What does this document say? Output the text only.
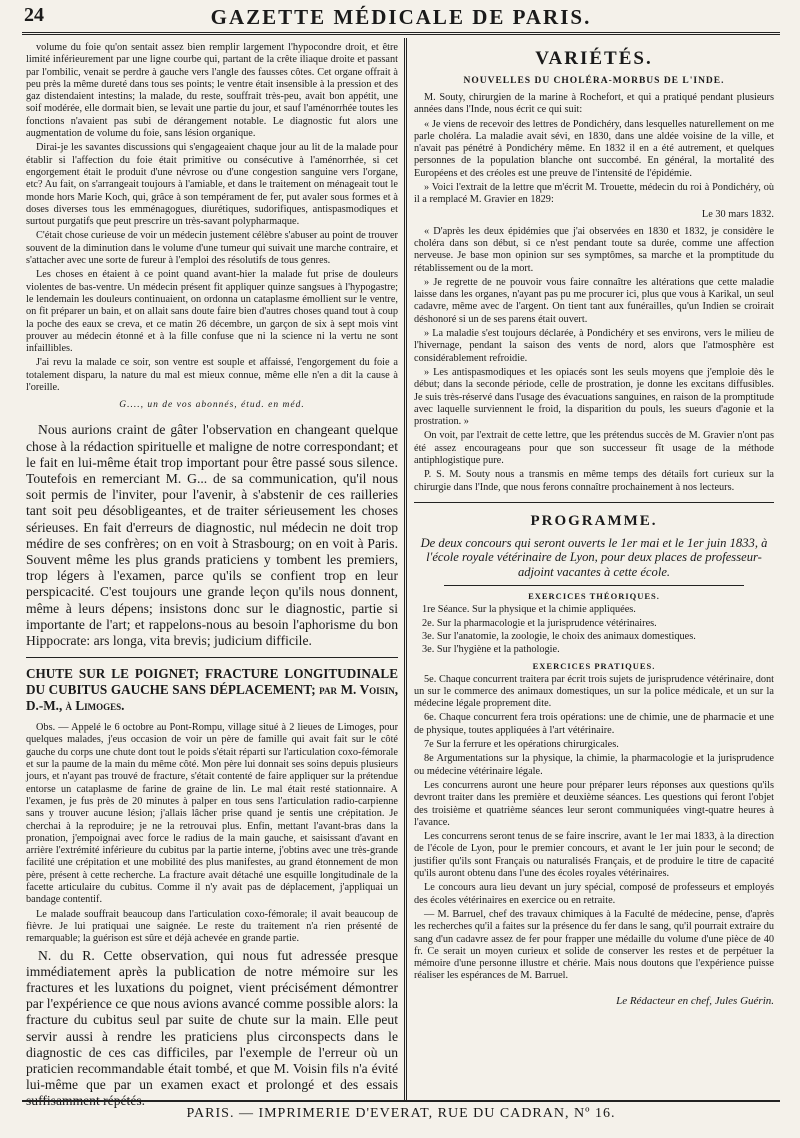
24	GAZETTE MÉDICALE DE PARIS.

volume du foie qu'on sentait assez bien remplir largement l'hypocondre droit, et être limité inférieurement par une ligne courbe qui, partant de la crête iliaque droite et passant par l'ombilic, venait se perdre à gauche vers l'angle des fausses côtes. Cet organe offrait à peu près la même dureté dans tous ses points; le ventre était insensible à la pression et des gaz distendaient intestins; la malade, du reste, souffrait très-peu, avait bon appétit, une soif modérée, elle dormait bien, se levait une partie du jour, et sauf l'aménorrhée toutes les fonctions n'avaient pas subi de dérangement notable. Le diagnostic fut alors une augmentation de volume du foie, sans lésion organique.

Dirai-je les savantes discussions qui s'engageaient chaque jour au lit de la malade pour établir si l'affection du foie était primitive ou consécutive à l'aménorrhée, si cet engorgement était le produit d'une névrose ou d'une congestion sanguine vers l'organe, etc? Au fait, on s'arrangeait toujours à l'amiable, et dans le traitement on ménageait tout le monde hors Marie Koch, qui, grâce à son tempérament de fer, put avaler sous formes et à doses diverses tous les emménagogues, diurétiques, sudorifiques, antispasmodiques et surtout purgatifs que peut prescrire un très-savant polypharmaque.

C'était chose curieuse de voir un médecin justement célèbre s'abuser au point de trouver souvent de la diminution dans le volume d'une tumeur qui suivait une marche contraire, et s'attacher avec une sorte de fureur à l'emploi des résolutifs de tous genres.

Les choses en étaient à ce point quand avant-hier la malade fut prise de douleurs violentes de bas-ventre. Un médecin présent fit appliquer quinze sangsues à l'hypogastre; le lendemain les douleurs continuaient, on ordonna un cataplasme émollient sur le ventre, on fit préparer un bain, et on allait sans doute faire bien d'autres choses quand tout à coup la poche des eaux se creva, et ce matin 26 décembre, un garçon de six à sept mois vint prouver au médecin étonné et à la fille confuse que ni la science ni la vertu ne sont infaillibles.

J'ai revu la malade ce soir, son ventre est souple et affaissé, l'engorgement du foie a totalement disparu, la nature du mal est mieux connue, même elle n'en a dit la cause à l'oreille.

G...., un de vos abonnés, étud. en méd.

Nous aurions craint de gâter l'observation en changeant quelque chose à la rédaction spirituelle et maligne de notre correspondant; et le fait en lui-même était trop important pour être passé sous silence. Toutefois en remerciant M. G... de sa communication, qu'il nous soit permis de l'inviter, pour l'avenir, à s'abstenir de ces railleries tant soit peu désobligeantes, et de traiter sérieusement les choses sérieuses. En fait d'erreurs de diagnostic, nul médecin ne doit trop médire de ses confrères; on en voit à Strasbourg; on en voit à Paris. Souvent même les plus grands praticiens y tombent les premiers, trop légers à l'examen, parce qu'ils se confient trop en leur perspicacité. C'est toujours une grande leçon qu'ils nous donnent, même à leurs dépens; insistons donc sur le diagnostic, partie si importante de l'art; et rappelons-nous au besoin l'aphorisme du bon Hippocrate: ars longa, vita brevis; judicium difficile.

CHUTE SUR LE POIGNET; FRACTURE LONGITUDINALE DU CUBITUS GAUCHE SANS DÉPLACEMENT; par M. Voisin, D.-M., à Limoges.

Obs. — Appelé le 6 octobre au Pont-Rompu, village situé à 2 lieues de Limoges, pour quelques malades, j'eus occasion de voir un père de famille qui avait fait sur le côté gauche du corps une chute dont tout le poids s'était réparti sur l'articulation coxo-fémorale et sur la paume de la main du même côté. Mon père lui donnait ses soins depuis plusieurs jours, et n'ayant pas trouvé de fracture, s'était contenté de faire appliquer sur la prétendue entorse un cataplasme de farine de graine de lin. Le mal était resté stationnaire. A l'examen, je fus près de 20 minutes à palper en tous sens l'articulation radio-carpienne sans y trouver aucune lésion; j'allais lâcher prise quand je sentis une crépitation. Je cherchai à la reproduire; je ne la retrouvai plus. Enfin, mettant l'avant-bras dans la pronation, j'empoignai avec force le radius de la main gauche, et saisissant d'avant en arrière l'extrémité inférieure du cubitus par la partie interne, j'obtins avec une très-grande facilité une crépitation et une mobilité des plus manifestes, au grand étonnement de mon père, présent à cette recherche. La fracture avait détaché une esquille longitudinale de la facette articulaire du cubitus. Comme il n'y avait pas de déplacement, j'appliquai un bandage contentif.

Le malade souffrait beaucoup dans l'articulation coxo-fémorale; il avait beaucoup de fièvre. Je lui pratiquai une saignée. Le reste du traitement n'a rien présenté de remarquable; la guérison est sûre et déjà achevée en grande partie.

N. du R. Cette observation, qui nous fut adressée presque immédiatement après la publication de notre mémoire sur les fractures et les luxations du poignet, vient précisément démontrer par l'expérience ce que nous avions avancé comme possible alors: la fracture du cubitus seul par suite de chute sur la main. Elle peut servir aussi à rendre les praticiens plus circonspects dans le diagnostic de ces cas difficiles, par l'exemple de l'erreur où un praticien recommandable était tombé, et que M. Voisin fils n'a évité lui-même que par un examen exact et prolongé et des essais suffisamment répétés.

VARIÉTÉS.
NOUVELLES DU CHOLÉRA-MORBUS DE L'INDE.

M. Souty, chirurgien de la marine à Rochefort, et qui a pratiqué pendant plusieurs années dans l'Inde, nous écrit ce qui suit:

« Je viens de recevoir des lettres de Pondichéry, dans lesquelles naturellement on me parle choléra. La maladie avait sévi, en 1830, dans une aldée voisine de la ville, et n'avait pas pénétré à Pondichéry même. En 1832 il en a été autrement, et quelques personnes de la population blanche ont succombé. En général, la mortalité des Européens et des créoles est une preuve de l'intensité de l'épidémie.

» Voici l'extrait de la lettre que m'écrit M. Trouette, médecin du roi à Pondichéry, où il a remplacé M. Gravier en 1829:

Le 30 mars 1832.

« D'après les deux épidémies que j'ai observées en 1830 et 1832, je considère le choléra dans son début, si ce n'est pendant toute sa durée, comme une affection nerveuse. Je base mon opinion sur ses symptômes, sa marche et la promptitude du rétablissement ou de la mort.

» Je regrette de ne pouvoir vous faire connaître les altérations que cette maladie laisse dans les organes, n'ayant pas pu me procurer ici, plus que vous à Karikal, un seul cadavre, même avec de l'argent. On tient tant aux funérailles, qu'un Indien se croirait déshonoré si un de ses parens était ouvert.

» La maladie s'est toujours déclarée, à Pondichéry et ses environs, vers le milieu de l'hivernage, pendant la saison des vents de nord, alors que l'atmosphère est considérablement refroidie.

» Les antispasmodiques et les opiacés sont les seuls moyens que j'emploie dès le début; dans la seconde période, celle de prostration, je donne les excitans diffusibles. Je suis très-réservé dans l'usage des évacuations sanguines, en raison de la promptitude avec laquelle surviennent le froid, la disparition du pouls, les sueurs d'agonie et la prostration. »

On voit, par l'extrait de cette lettre, que les prétendus succès de M. Gravier n'ont pas été assez encourageans pour que son successeur fît usage de la méthode antiphlogistique pure.

P. S. M. Souty nous a transmis en même temps des détails fort curieux sur la chirurgie dans l'Inde, que nous ferons connaître prochainement à nos lecteurs.

PROGRAMME.

De deux concours qui seront ouverts le 1er mai et le 1er juin 1833, à l'école royale vétérinaire de Lyon, pour deux places de professeur-adjoint vacantes à cette école.

EXERCICES THÉORIQUES.
1re Séance. Sur la physique et la chimie appliquées.
2e. Sur la pharmacologie et la jurisprudence vétérinaires.
3e. Sur l'anatomie, la zoologie, le choix des animaux domestiques.
3e. Sur l'hygiène et la pathologie.
EXERCICES PRATIQUES.

5e. Chaque concurrent traitera par écrit trois sujets de jurisprudence vétérinaire, dont un sur le commerce des animaux domestiques, un sur la police médicale, et un sur la médecine légale proprement dite.

6e. Chaque concurrent fera trois opérations: une de chimie, une de pharmacie et une de physique, toutes appliquées à l'art vétérinaire.

7e Sur la ferrure et les opérations chirurgicales.

8e Argumentations sur la physique, la chimie, la pharmacologie et la jurisprudence ou médecine vétérinaire légale.

Les concurrens auront une heure pour préparer leurs réponses aux questions qu'ils devront traiter dans les première et deuxième séances. Les questions qui feront l'objet des troisième et quatrième séances leur seront communiquées vingt-quatre heures à l'avance.

Les concurrens seront tenus de se faire inscrire, avant le 1er mai 1833, à la direction de l'école de Lyon, pour le premier concours, et avant le 1er juin pour le second; de justifier qu'ils sont Français ou naturalisés Français, et de produire le titre de capacité qu'ils auront obtenu dans l'une des écoles royales vétérinaires.

Le concours aura lieu devant un jury spécial, composé de professeurs et employés des écoles vétérinaires en exercice ou en retraite.

— M. Barruel, chef des travaux chimiques à la Faculté de médecine, pense, d'après les recherches qu'il a faites sur la présence du fer dans le sang, qu'il pourrait extraire du sang d'un cadavre assez de fer pour frapper une médaille du volume d'une pièce de 40 fr. Ce serait un moyen curieux et solide de conserver les restes et de perpétuer la mémoire d'une personne illustre et chérie. Mais nous doutons que l'expérience puisse réaliser les espérances de M. Barruel.

Le Rédacteur en chef, Jules Guérin.
PARIS. — IMPRIMERIE D'EVERAT, RUE DU CADRAN, Nº 16.
